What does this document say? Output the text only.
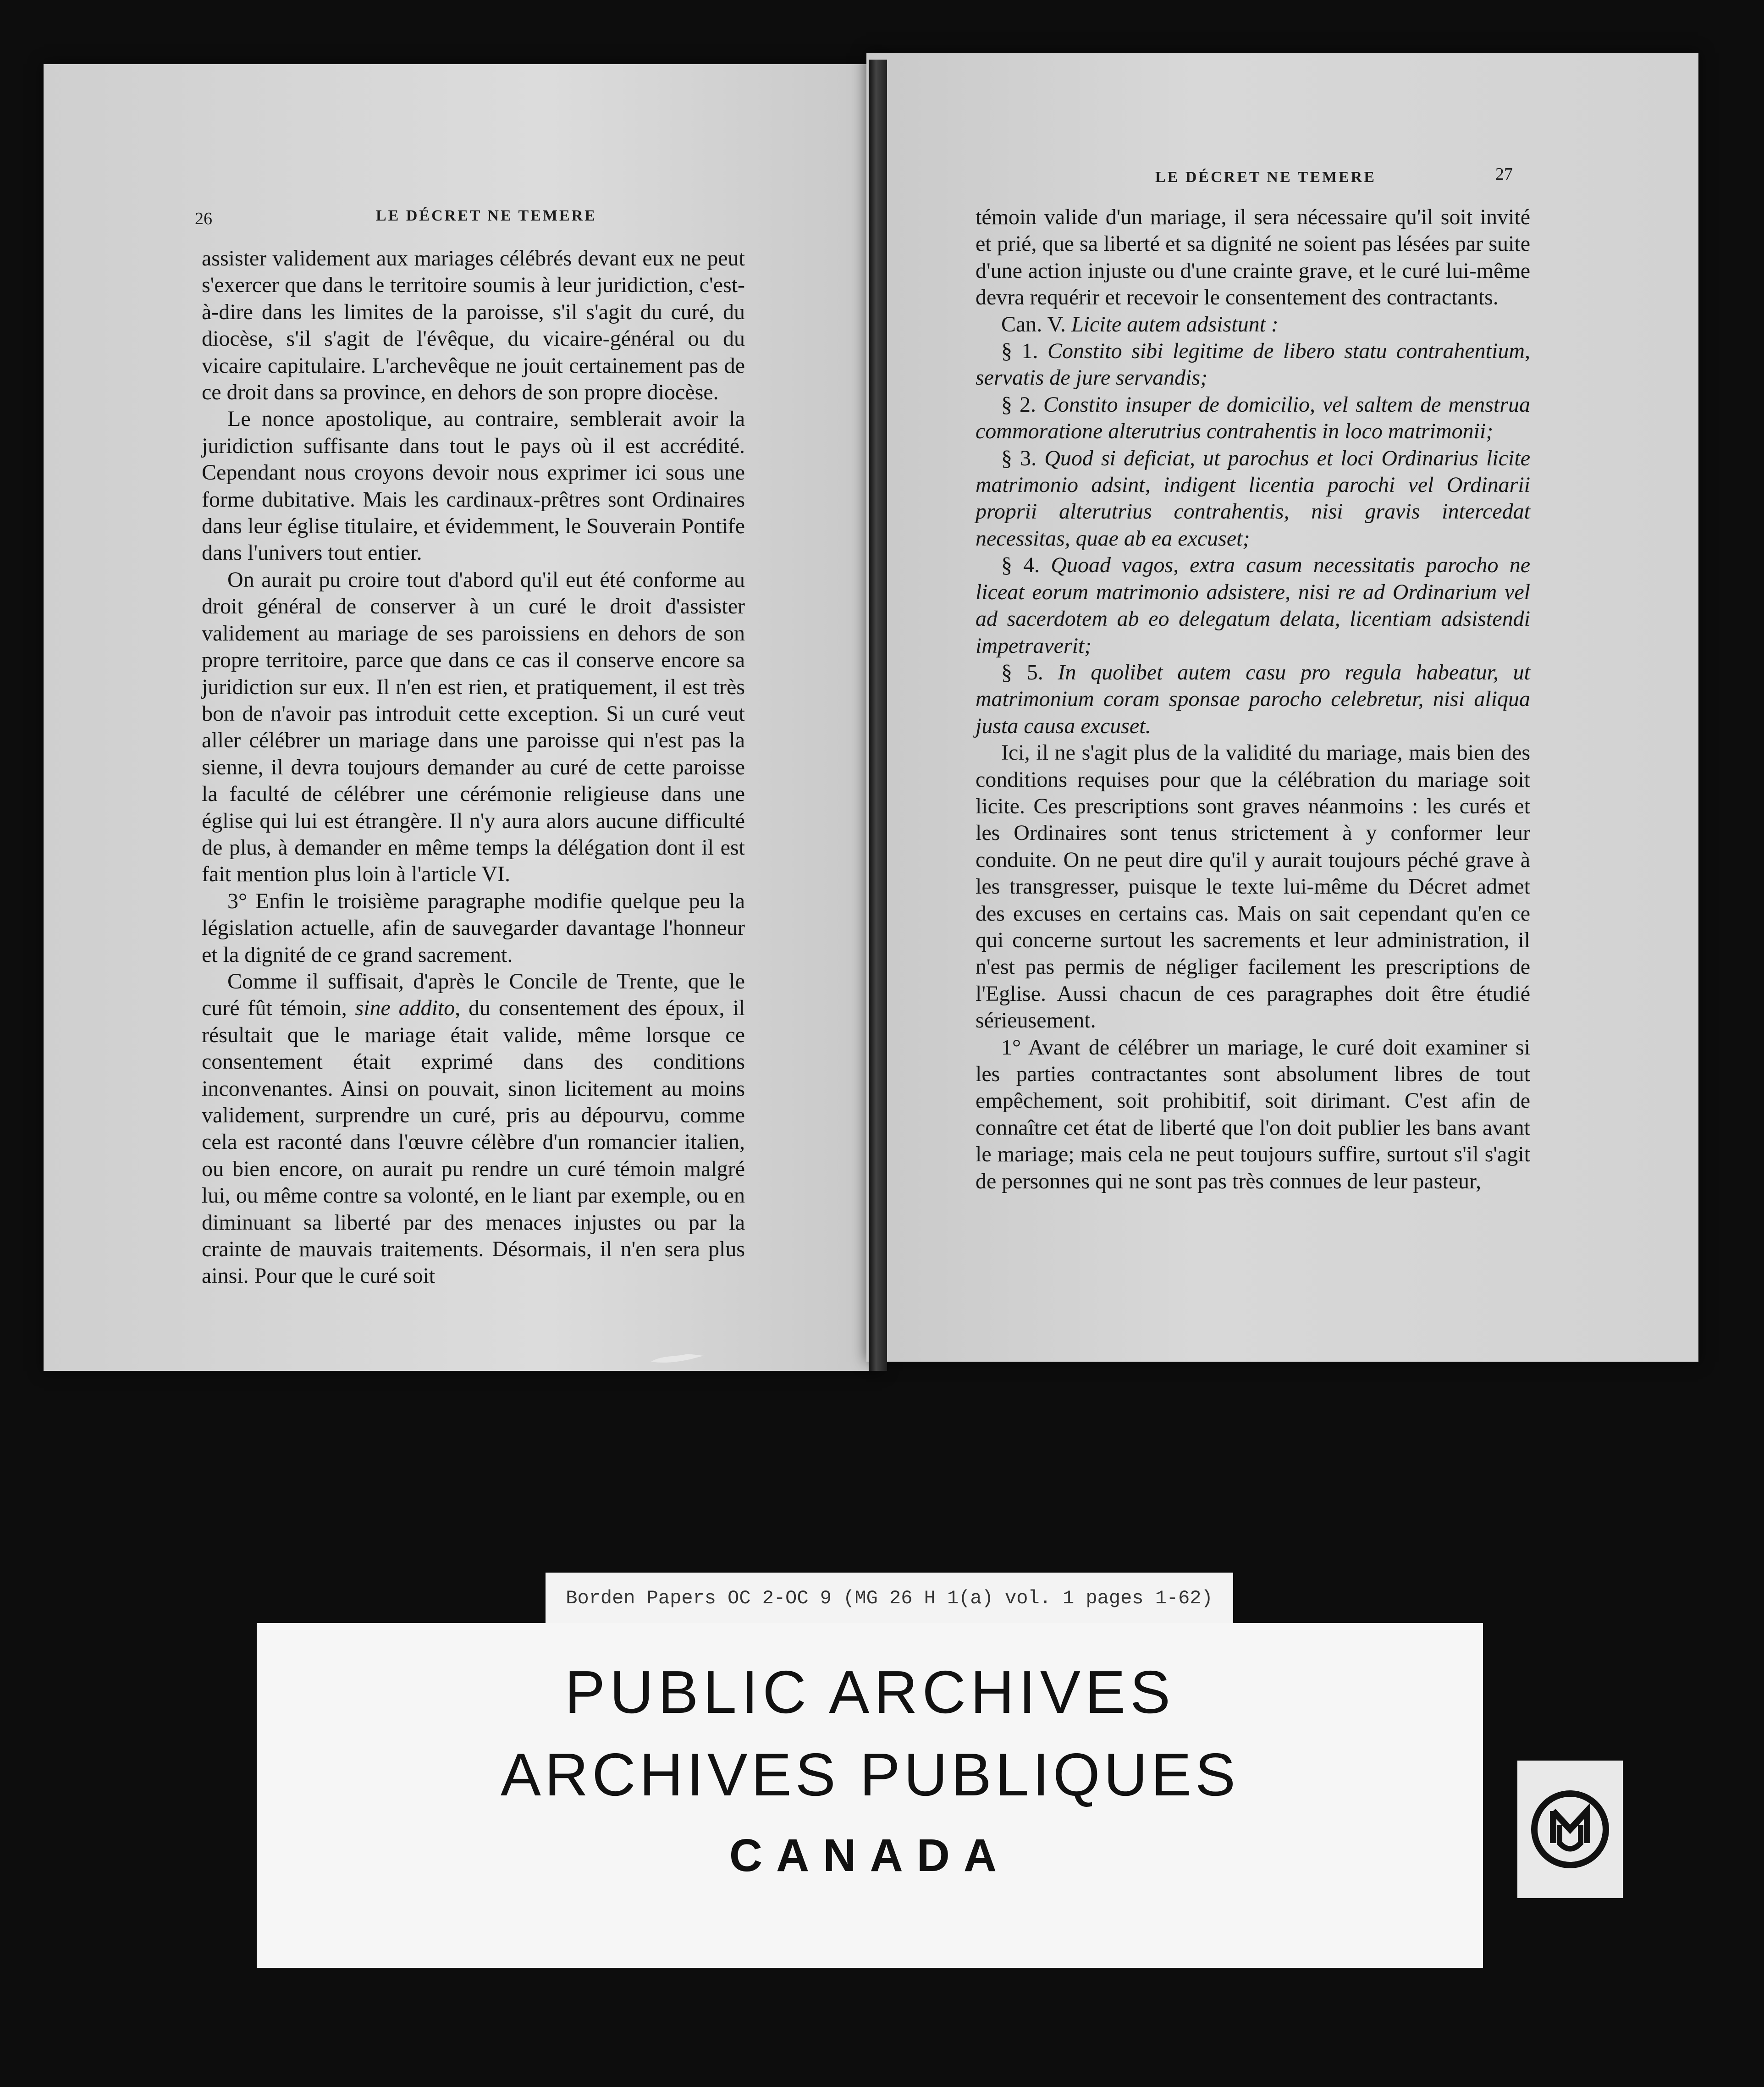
26	LE DÉCRET NE TEMERE
LE DÉCRET NE TEMERE	27

assister validement aux mariages célébrés devant eux ne peut s'exercer que dans le territoire soumis à leur juridiction, c'est-à-dire dans les limites de la paroisse, s'il s'agit du curé, du diocèse, s'il s'agit de l'évêque, du vicaire-général ou du vicaire capitulaire. L'archevêque ne jouit certainement pas de ce droit dans sa province, en dehors de son propre diocèse.

Le nonce apostolique, au contraire, semblerait avoir la juridiction suffisante dans tout le pays où il est accrédité. Cependant nous croyons devoir nous exprimer ici sous une forme dubitative. Mais les cardinaux-prêtres sont Ordinaires dans leur église titulaire, et évidemment, le Souverain Pontife dans l'univers tout entier.

On aurait pu croire tout d'abord qu'il eut été conforme au droit général de conserver à un curé le droit d'assister validement au mariage de ses paroissiens en dehors de son propre territoire, parce que dans ce cas il conserve encore sa juridiction sur eux. Il n'en est rien, et pratiquement, il est très bon de n'avoir pas introduit cette exception. Si un curé veut aller célébrer un mariage dans une paroisse qui n'est pas la sienne, il devra toujours demander au curé de cette paroisse la faculté de célébrer une cérémonie religieuse dans une église qui lui est étrangère. Il n'y aura alors aucune difficulté de plus, à demander en même temps la délégation dont il est fait mention plus loin à l'article VI.

3° Enfin le troisième paragraphe modifie quelque peu la législation actuelle, afin de sauvegarder davantage l'honneur et la dignité de ce grand sacrement.

Comme il suffisait, d'après le Concile de Trente, que le curé fût témoin, sine addito, du consentement des époux, il résultait que le mariage était valide, même lorsque ce consentement était exprimé dans des conditions inconvenantes. Ainsi on pouvait, sinon licitement au moins validement, surprendre un curé, pris au dépourvu, comme cela est raconté dans l'œuvre célèbre d'un romancier italien, ou bien encore, on aurait pu rendre un curé témoin malgré lui, ou même contre sa volonté, en le liant par exemple, ou en diminuant sa liberté par des menaces injustes ou par la crainte de mauvais traitements. Désormais, il n'en sera plus ainsi. Pour que le curé soit

témoin valide d'un mariage, il sera nécessaire qu'il soit invité et prié, que sa liberté et sa dignité ne soient pas lésées par suite d'une action injuste ou d'une crainte grave, et le curé lui-même devra requérir et recevoir le consentement des contractants.

Can. V. Licite autem adsistunt :

§ 1. Constito sibi legitime de libero statu contrahentium, servatis de jure servandis;

§ 2. Constito insuper de domicilio, vel saltem de menstrua commoratione alterutrius contrahentis in loco matrimonii;

§ 3. Quod si deficiat, ut parochus et loci Ordinarius licite matrimonio adsint, indigent licentia parochi vel Ordinarii proprii alterutrius contrahentis, nisi gravis intercedat necessitas, quae ab ea excuset;

§ 4. Quoad vagos, extra casum necessitatis parocho ne liceat eorum matrimonio adsistere, nisi re ad Ordinarium vel ad sacerdotem ab eo delegatum delata, licentiam adsistendi impetraverit;

§ 5. In quolibet autem casu pro regula habeatur, ut matrimonium coram sponsae parocho celebretur, nisi aliqua justa causa excuset.

Ici, il ne s'agit plus de la validité du mariage, mais bien des conditions requises pour que la célébration du mariage soit licite. Ces prescriptions sont graves néanmoins : les curés et les Ordinaires sont tenus strictement à y conformer leur conduite. On ne peut dire qu'il y aurait toujours péché grave à les transgresser, puisque le texte lui-même du Décret admet des excuses en certains cas. Mais on sait cependant qu'en ce qui concerne surtout les sacrements et leur administration, il n'est pas permis de négliger facilement les prescriptions de l'Eglise. Aussi chacun de ces paragraphes doit être étudié sérieusement.

1° Avant de célébrer un mariage, le curé doit examiner si les parties contractantes sont absolument libres de tout empêchement, soit prohibitif, soit dirimant. C'est afin de connaître cet état de liberté que l'on doit publier les bans avant le mariage; mais cela ne peut toujours suffire, surtout s'il s'agit de personnes qui ne sont pas très connues de leur pasteur,

Borden Papers OC 2-OC 9 (MG 26 H 1(a) vol. 1 pages 1-62)
PUBLIC ARCHIVES
ARCHIVES PUBLIQUES
CANADA
